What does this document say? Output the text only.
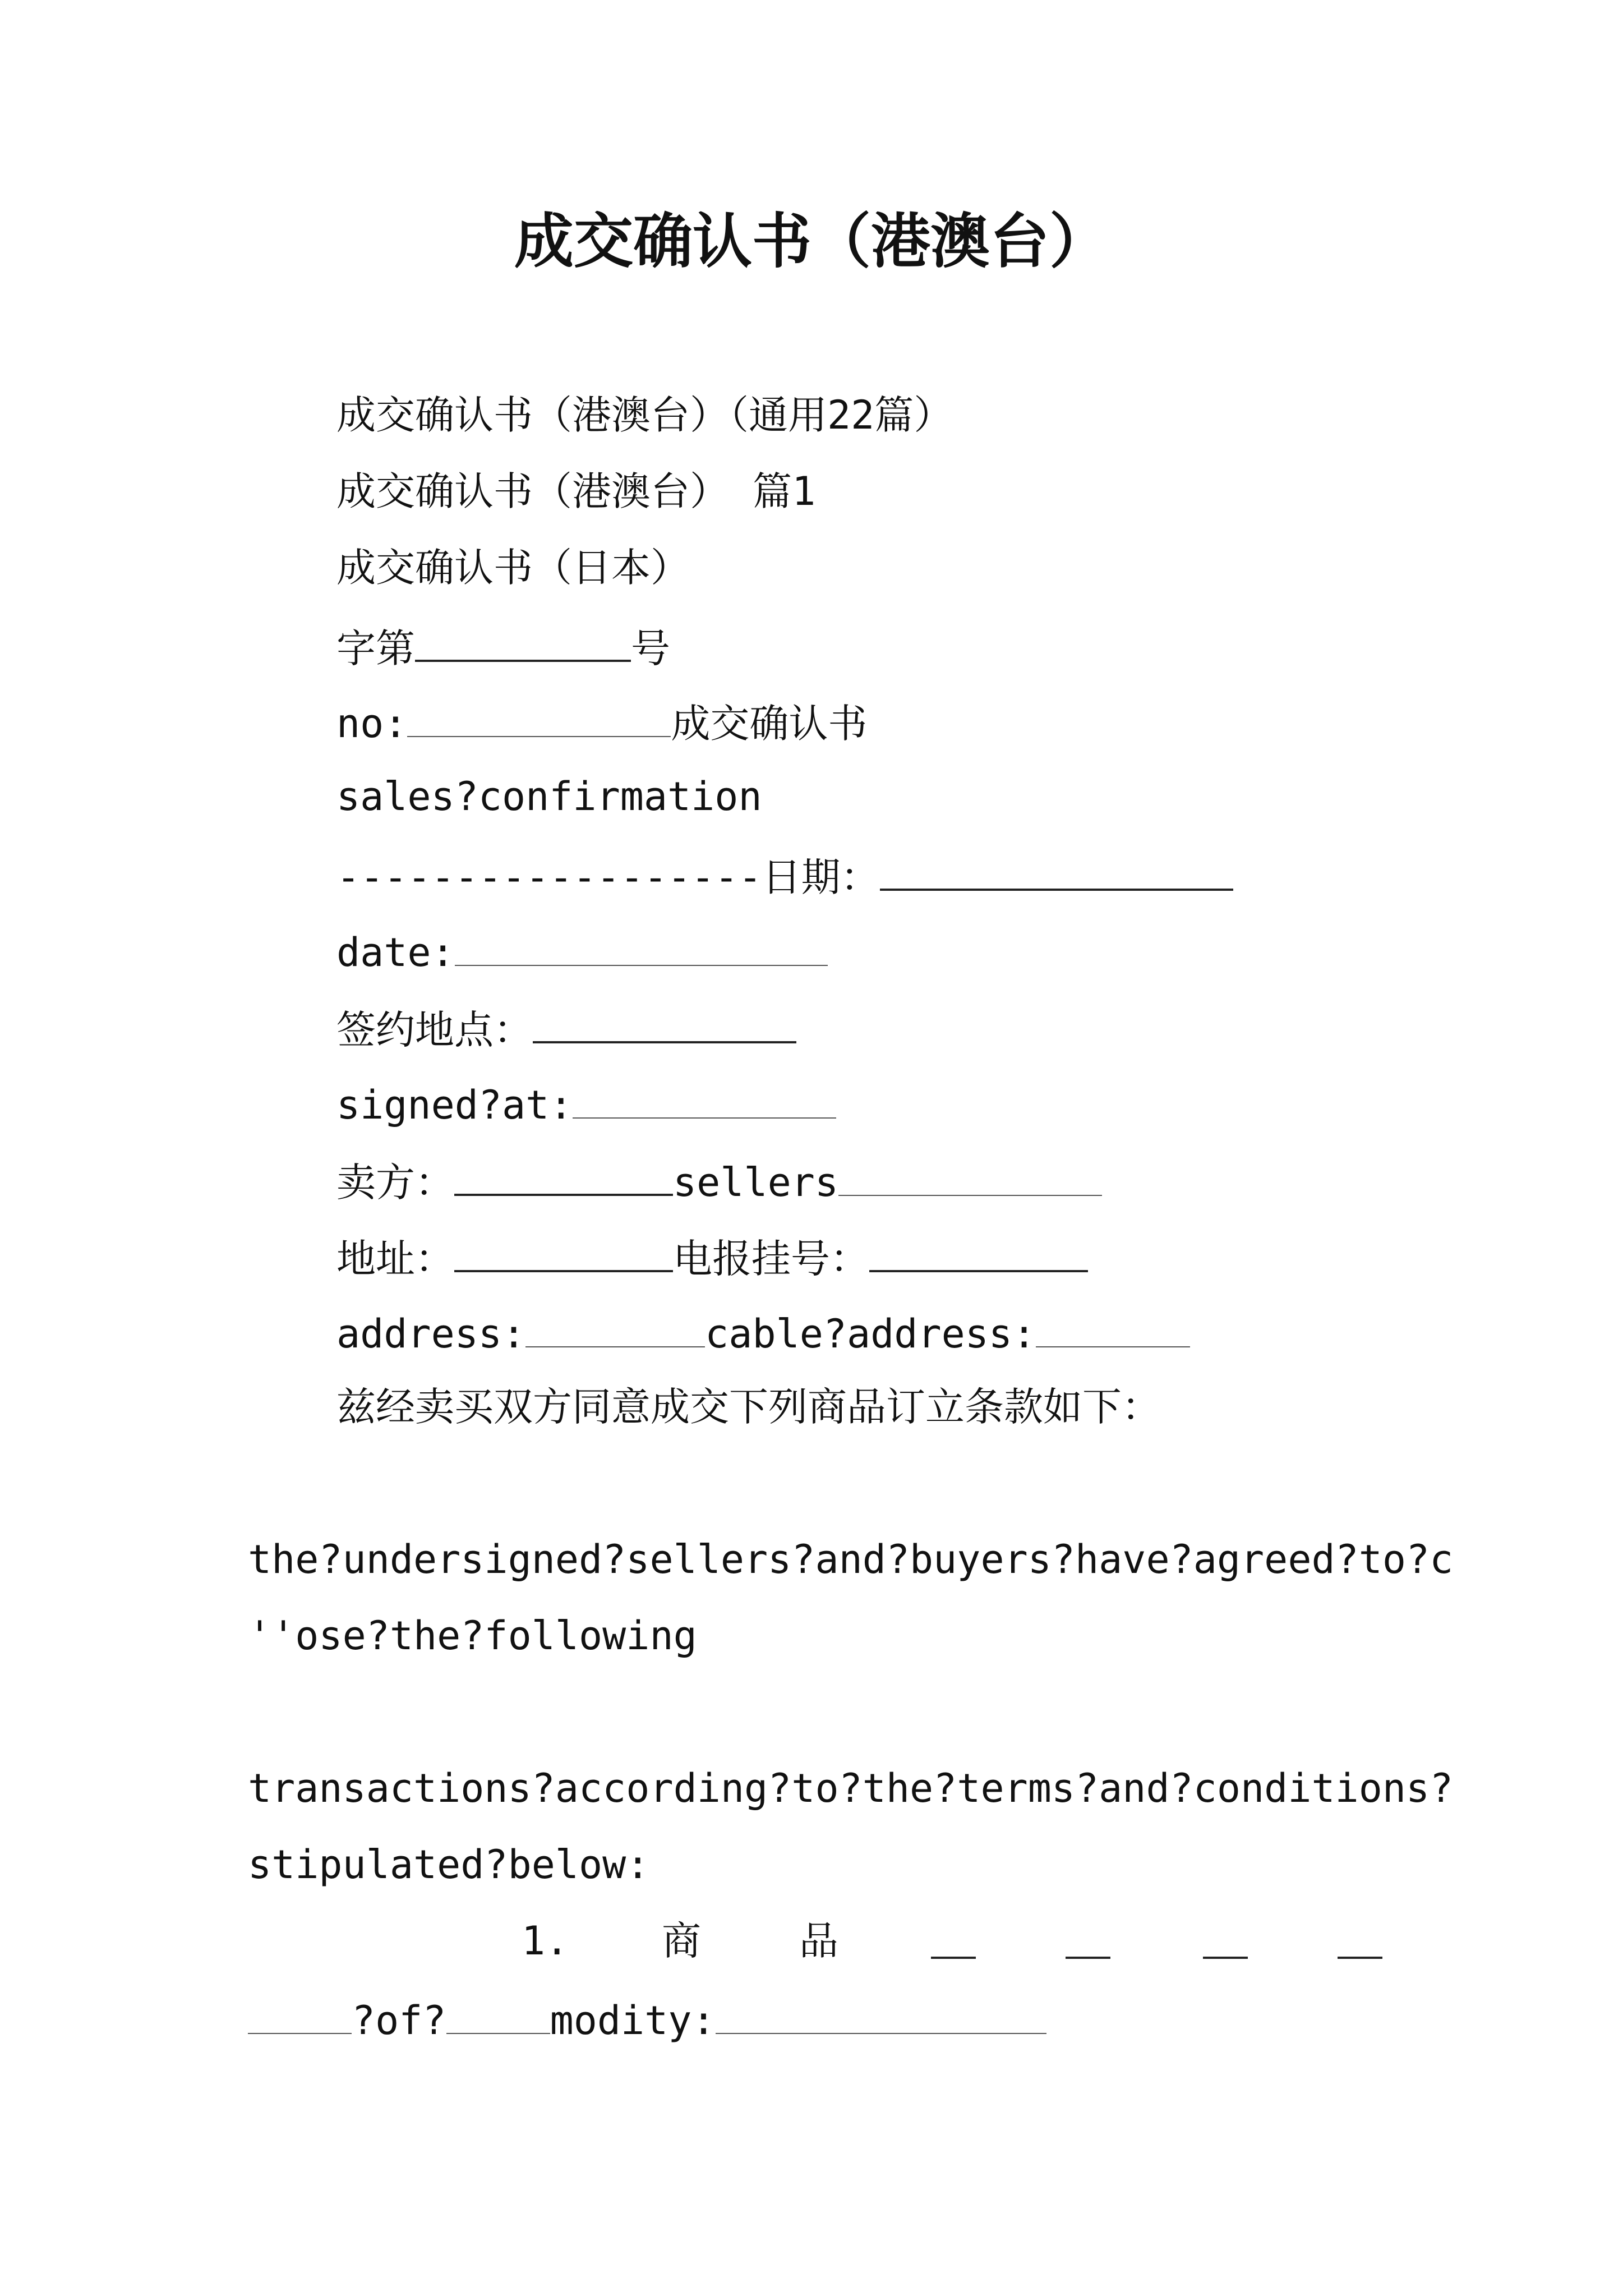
成交确认书（港澳台）
成交确认书（港澳台）（通用22篇）
成交确认书（港澳台） 篇1
成交确认书（日本）
字第	号
no:	成交确认书
sales?confirmation
------------------日期：
date:
签约地点：
signed?at:
卖方：	sellers
地址：	电报挂号：
address:	cable?address:
兹经卖买双方同意成交下列商品订立条款如下：
the?undersigned?sellers?and?buyers?have?agreed?to?c
''ose?the?following
transactions?according?to?the?terms?and?conditions?
stipulated?below:
1. 商	品
?of?	modity:
